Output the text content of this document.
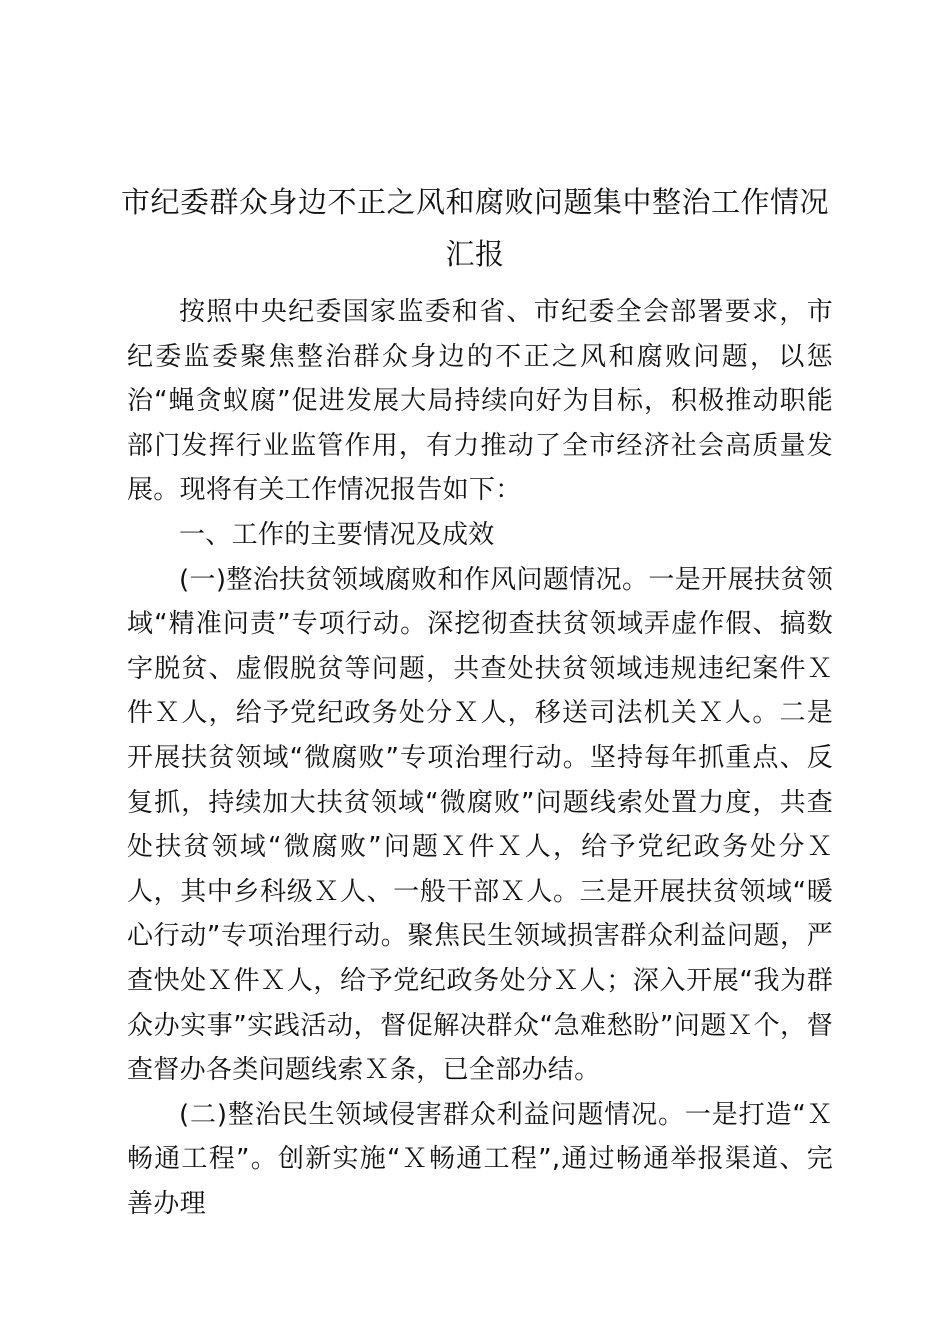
市纪委群众身边不正之风和腐败问题集中整治工作情况汇报

按照中央纪委国家监委和省、市纪委全会部署要求，市纪委监委聚焦整治群众身边的不正之风和腐败问题，以惩治“蝇贪蚁腐”促进发展大局持续向好为目标，积极推动职能部门发挥行业监管作用，有力推动了全市经济社会高质量发展。现将有关工作情况报告如下：

一、工作的主要情况及成效

(一)整治扶贫领域腐败和作风问题情况。一是开展扶贫领域“精准问责”专项行动。深挖彻查扶贫领域弄虚作假、搞数字脱贫、虚假脱贫等问题，共查处扶贫领域违规违纪案件Ｘ件Ｘ人，给予党纪政务处分Ｘ人，移送司法机关Ｘ人。二是开展扶贫领域“微腐败”专项治理行动。坚持每年抓重点、反复抓，持续加大扶贫领域“微腐败”问题线索处置力度，共查处扶贫领域“微腐败”问题Ｘ件Ｘ人，给予党纪政务处分Ｘ人，其中乡科级Ｘ人、一般干部Ｘ人。三是开展扶贫领域“暖心行动”专项治理行动。聚焦民生领域损害群众利益问题，严查快处Ｘ件Ｘ人，给予党纪政务处分Ｘ人；深入开展“我为群众办实事”实践活动，督促解决群众“急难愁盼”问题Ｘ个，督查督办各类问题线索Ｘ条，已全部办结。

(二)整治民生领域侵害群众利益问题情况。一是打造“Ｘ畅通工程”。创新实施“Ｘ畅通工程”,通过畅通举报渠道、完善办理
